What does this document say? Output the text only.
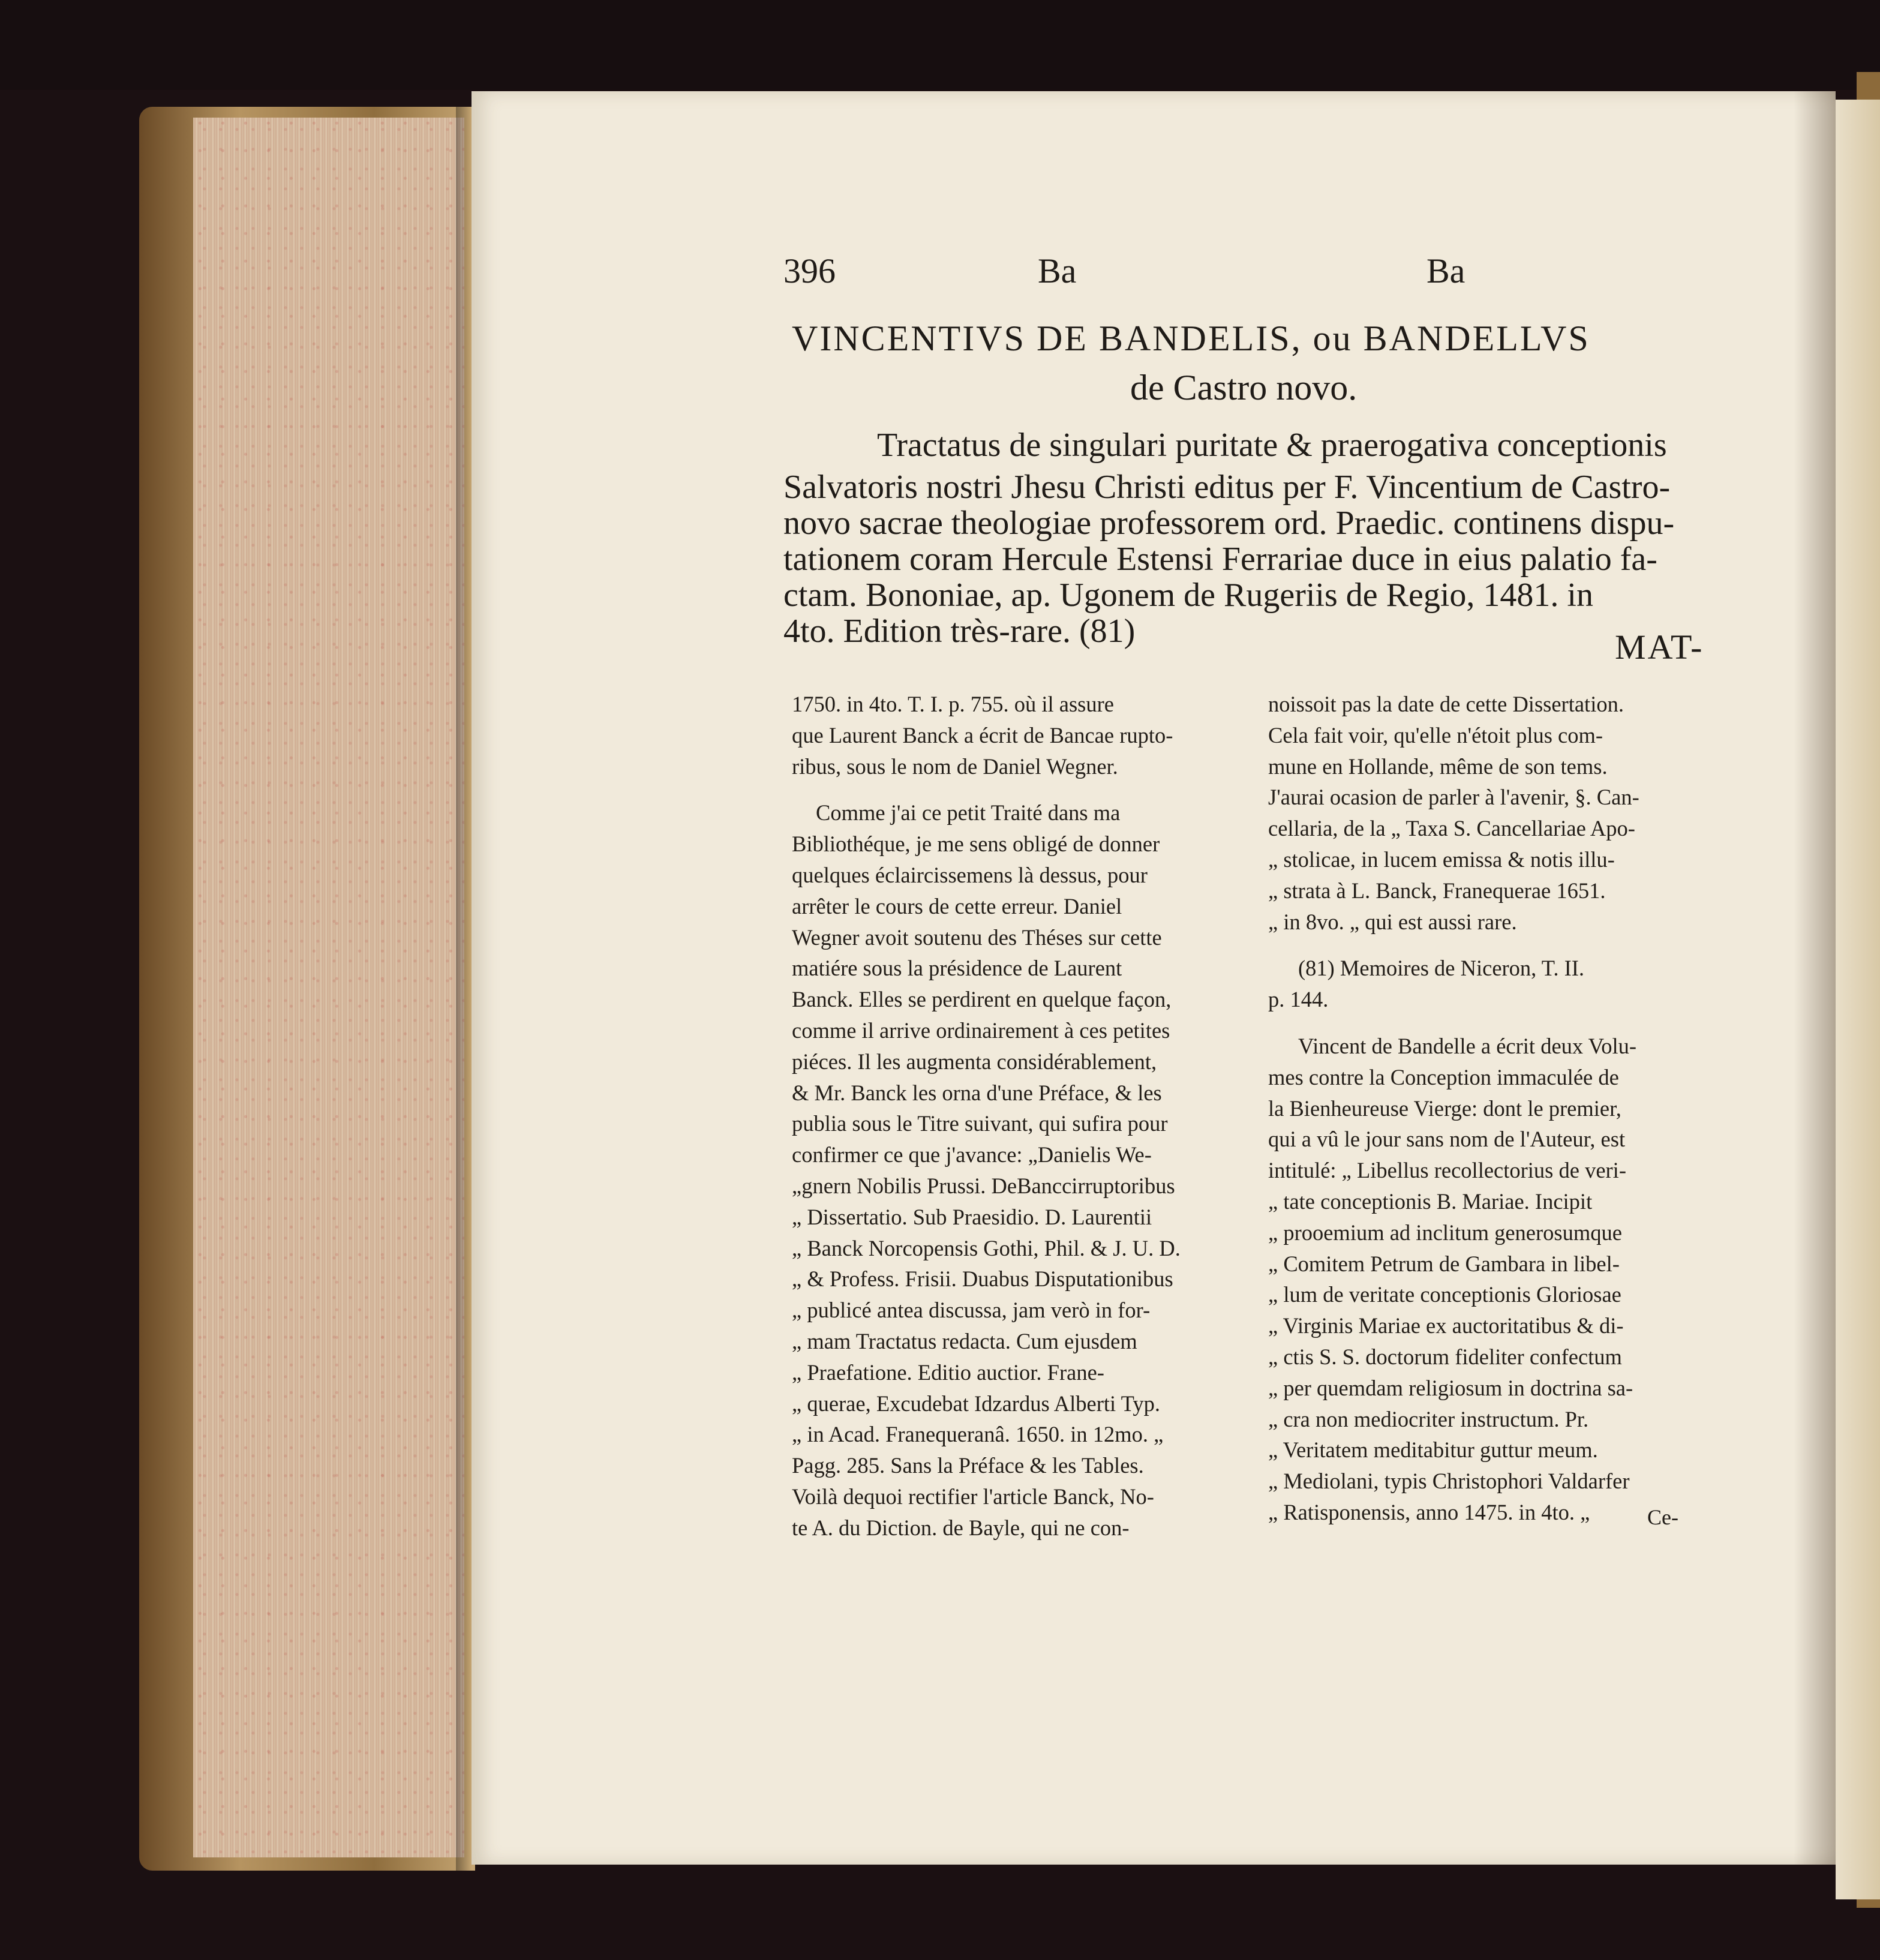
396	Ba	Ba
VINCENTIVS DE BANDELIS, ou BANDELLVS
de Castro novo.
Tractatus de singulari puritate & praerogativa conceptionis
Salvatoris nostri Jhesu Christi editus per F. Vincentium de Castro-
novo sacrae theologiae professorem ord. Praedic. continens dispu-
tationem coram Hercule Estensi Ferrariae duce in eius palatio fa-
ctam. Bononiae, ap. Ugonem de Rugeriis de Regio, 1481. in
4to. Edition très-rare. (81)	MAT-
1750. in 4to. T. I. p. 755. où il assure
que Laurent Banck a écrit de Bancae rupto-
ribus, sous le nom de Daniel Wegner.
Comme j'ai ce petit Traité dans ma
Bibliothéque, je me sens obligé de donner
quelques éclaircissemens là dessus, pour
arrêter le cours de cette erreur. Daniel
Wegner avoit soutenu des Théses sur cette
matiére sous la présidence de Laurent
Banck. Elles se perdirent en quelque façon,
comme il arrive ordinairement à ces petites
piéces. Il les augmenta considérablement,
& Mr. Banck les orna d'une Préface, & les
publia sous le Titre suivant, qui sufira pour
confirmer ce que j'avance: „Danielis We-
„gnern Nobilis Prussi. DeBanccirruptoribus
„ Dissertatio. Sub Praesidio. D. Laurentii
„ Banck Norcopensis Gothi, Phil. & J. U. D.
„ & Profess. Frisii. Duabus Disputationibus
„ publicé antea discussa, jam verò in for-
„ mam Tractatus redacta. Cum ejusdem
„ Praefatione. Editio auctior. Frane-
„ querae, Excudebat Idzardus Alberti Typ.
„ in Acad. Franequeranâ. 1650. in 12mo. „
Pagg. 285. Sans la Préface & les Tables.
Voilà dequoi rectifier l'article Banck, No-
te A. du Diction. de Bayle, qui ne con-
noissoit pas la date de cette Dissertation.
Cela fait voir, qu'elle n'étoit plus com-
mune en Hollande, même de son tems.
J'aurai ocasion de parler à l'avenir, §. Can-
cellaria, de la „ Taxa S. Cancellariae Apo-
„ stolicae, in lucem emissa & notis illu-
„ strata à L. Banck, Franequerae 1651.
„ in 8vo. „ qui est aussi rare.
(81) Memoires de Niceron, T. II.
p. 144.
Vincent de Bandelle a écrit deux Volu-
mes contre la Conception immaculée de
la Bienheureuse Vierge: dont le premier,
qui a vû le jour sans nom de l'Auteur, est
intitulé: „ Libellus recollectorius de veri-
„ tate conceptionis B. Mariae. Incipit
„ prooemium ad inclitum generosumque
„ Comitem Petrum de Gambara in libel-
„ lum de veritate conceptionis Gloriosae
„ Virginis Mariae ex auctoritatibus & di-
„ ctis S. S. doctorum fideliter confectum
„ per quemdam religiosum in doctrina sa-
„ cra non mediocriter instructum. Pr.
„ Veritatem meditabitur guttur meum.
„ Mediolani, typis Christophori Valdarfer
„ Ratisponensis, anno 1475. in 4to. „	Ce-
